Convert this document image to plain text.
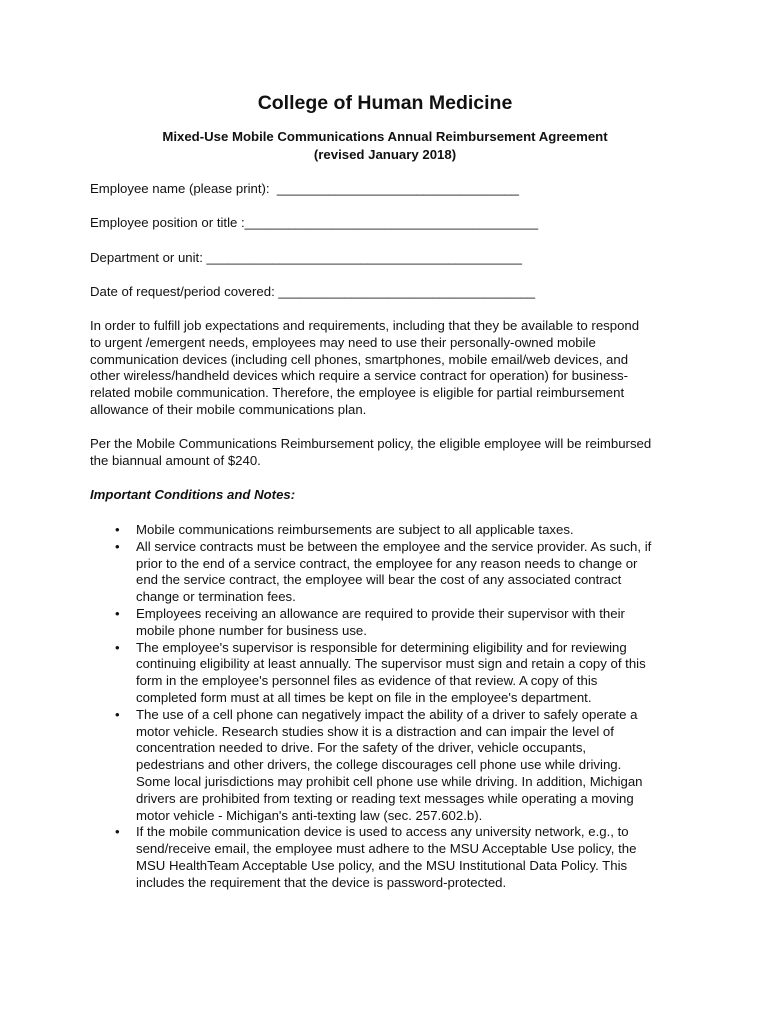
College of Human Medicine
Mixed-Use Mobile Communications Annual Reimbursement Agreement
(revised January 2018)
Employee name (please print):  _________________________________
Employee position or title :________________________________________
Department or unit: ___________________________________________
Date of request/period covered: ___________________________________

In order to fulfill job expectations and requirements, including that they be available to respond

to urgent /emergent needs, employees may need to use their personally-owned mobile

communication devices (including cell phones, smartphones, mobile email/web devices, and

other wireless/handheld devices which require a service contract for operation) for business-

related mobile communication. Therefore, the employee is eligible for partial reimbursement

allowance of their mobile communications plan.

Per the Mobile Communications Reimbursement policy, the eligible employee will be reimbursed

the biannual amount of $240.

Important Conditions and Notes:
• Mobile communications reimbursements are subject to all applicable taxes.

• All service contracts must be between the employee and the service provider. As such, if

prior to the end of a service contract, the employee for any reason needs to change or

end the service contract, the employee will bear the cost of any associated contract

change or termination fees.

• Employees receiving an allowance are required to provide their supervisor with their

mobile phone number for business use.

• The employee's supervisor is responsible for determining eligibility and for reviewing

continuing eligibility at least annually. The supervisor must sign and retain a copy of this

form in the employee's personnel files as evidence of that review. A copy of this

completed form must at all times be kept on file in the employee's department.

• The use of a cell phone can negatively impact the ability of a driver to safely operate a

motor vehicle. Research studies show it is a distraction and can impair the level of

concentration needed to drive. For the safety of the driver, vehicle occupants,

pedestrians and other drivers, the college discourages cell phone use while driving.

Some local jurisdictions may prohibit cell phone use while driving. In addition, Michigan

drivers are prohibited from texting or reading text messages while operating a moving

motor vehicle - Michigan's anti-texting law (sec. 257.602.b).

• If the mobile communication device is used to access any university network, e.g., to

send/receive email, the employee must adhere to the MSU Acceptable Use policy, the

MSU HealthTeam Acceptable Use policy, and the MSU Institutional Data Policy. This

includes the requirement that the device is password-protected.
